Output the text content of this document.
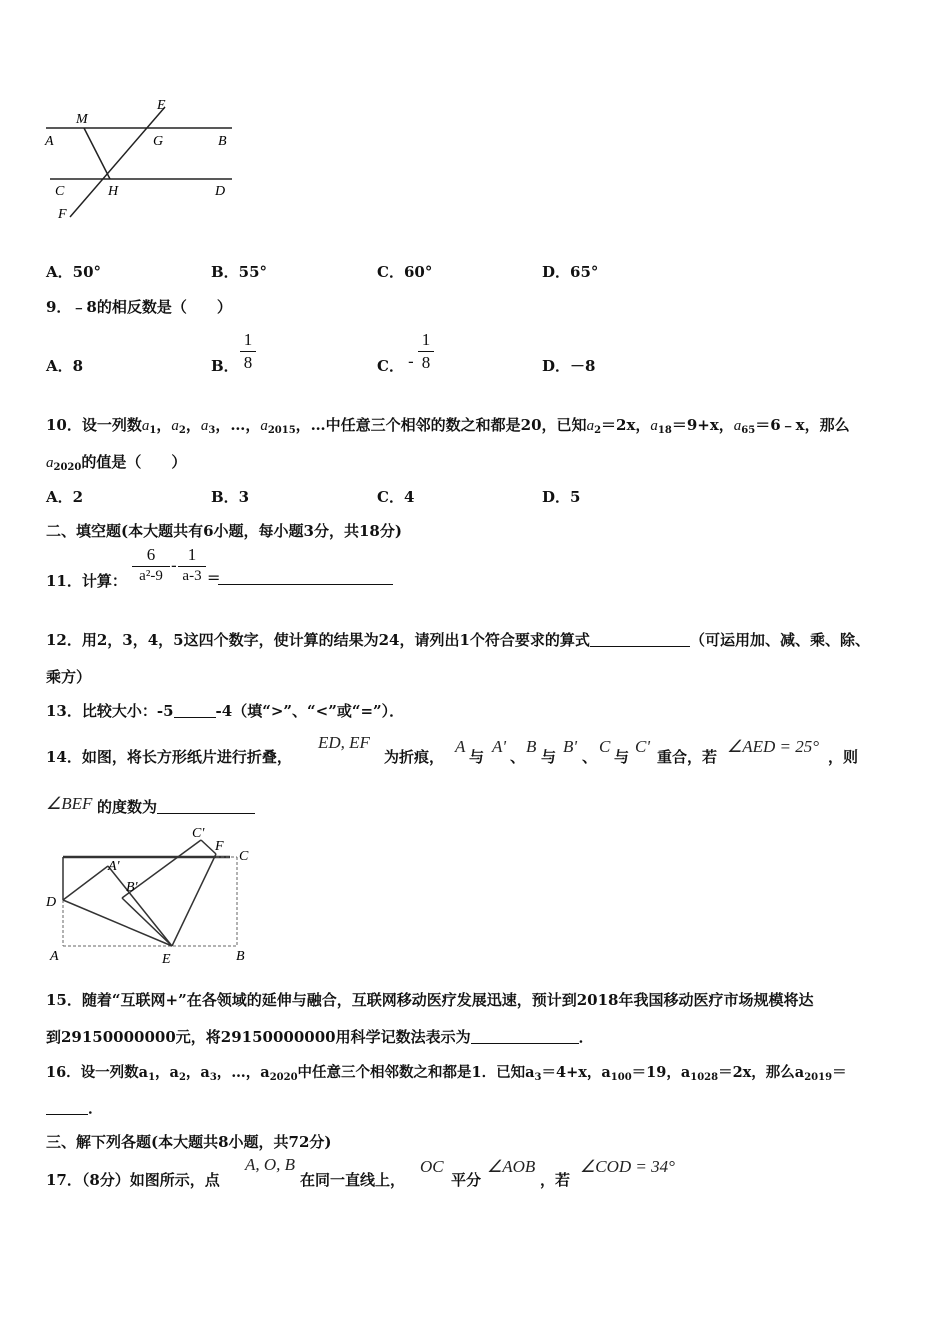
A
M
E
G	B
C	H	D
F
A．50°	B．55°	C．60°	D．65°
9．﹣8的相反数是（　　）
A．8	B．
1
8	C． -
1
8	D．－8
10．设一列数$a_1$，$a_2$，$a_3$，…，$a_{2015}$，…中任意三个相邻的数之和都是20，已知$a_2=2x$，$a_{18}=9+x$，$a_{65}=6﹣x$，那么
$a_{2020}$的值是（　　）
A．2	B．3	C．4	D．5
二、填空题(本大题共有6小题，每小题3分，共18分)
11．计算：
6
a²-9 -
1
a-3 =
12．用2，3，4，5这四个数字，使计算的结果为24，请列出1个符合要求的算式	（可运用加、减、乘、除、
乘方）
13．比较大小：-5	-4（填“>”、“<”或“=”）．
14．如图，将长方形纸片进行折叠，
ED, EF
为折痕，
A
与
A'
、
B
与
B'
、
C
与
C'
重合，若
∠AED = 25°
，则
∠BEF 的度数为
C'
F
C
A'
B'
D
A	E	B
15．随着“互联网+”在各领域的延伸与融合，互联网移动医疗发展迅速，预计到2018年我国移动医疗市场规模将达
到29150000000元，将29150000000用科学记数法表示为	．
16．设一列数$a_1$，$a_2$，$a_3$，…，$a_{2020}$中任意三个相邻数之和都是1．已知$a_3=4+x$，$a_{100}=19$，$a_{1028}=2x$，那么$a_{2019}=$
．
三、解下列各题(本大题共8小题，共72分)
17．（8分）如图所示，点
A, O, B
在同一直线上，
OC
平分
∠AOB
，若
∠COD = 34°
